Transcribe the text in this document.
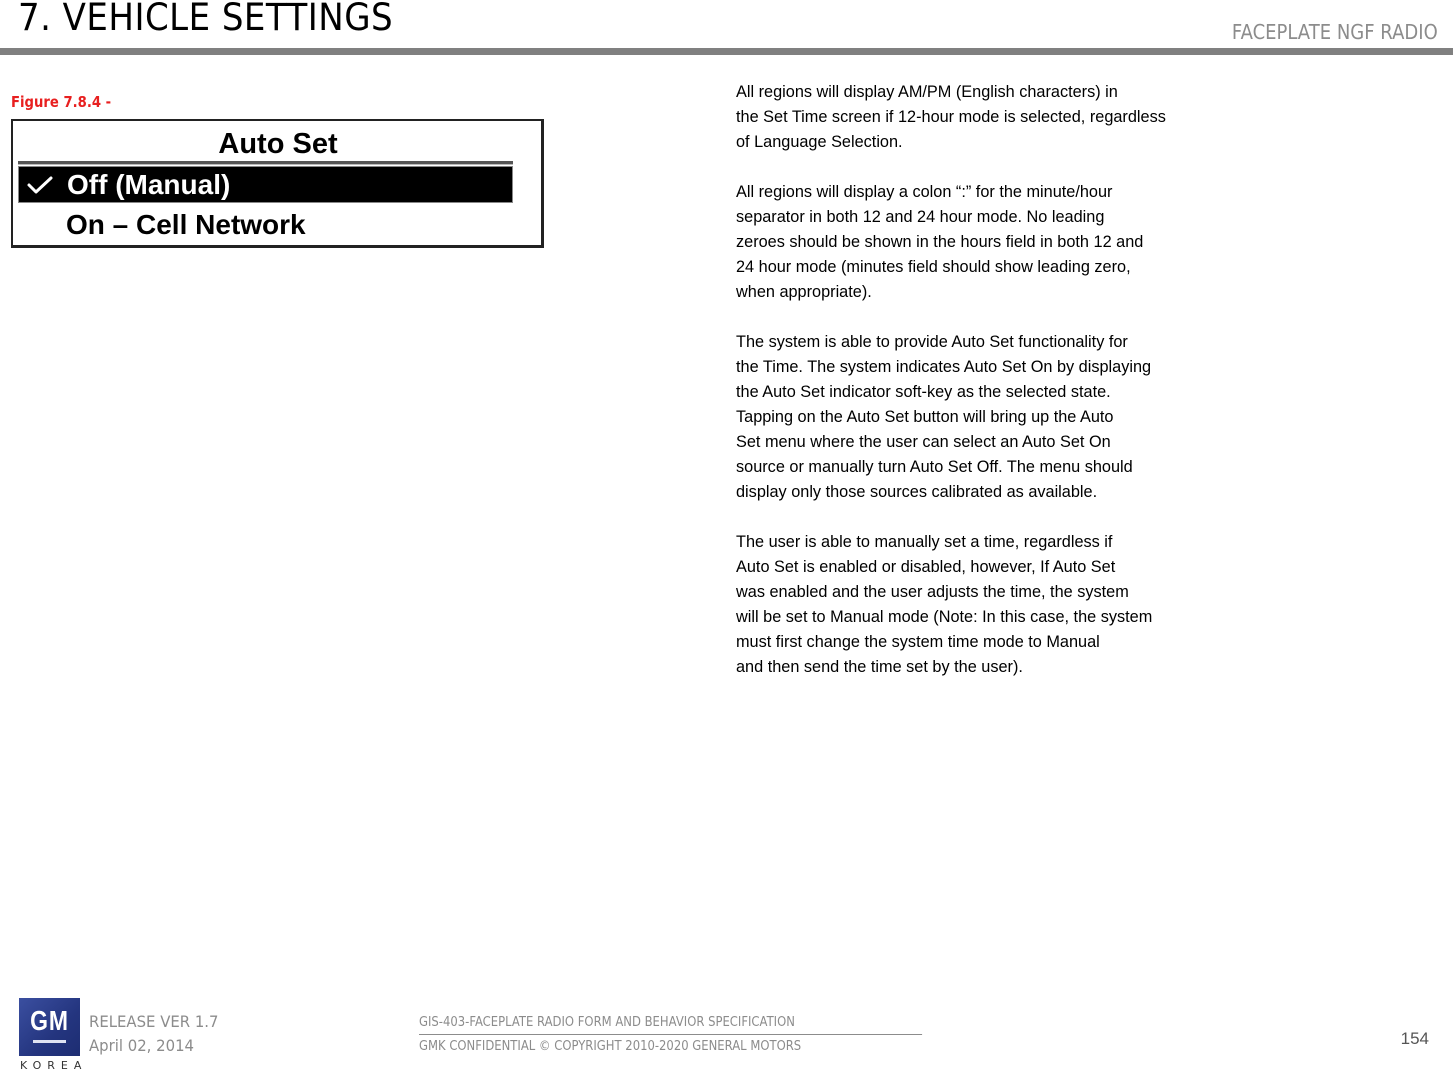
7. VEHICLE SETTINGS	FACEPLATE NGF RADIO
Figure 7.8.4 -
Auto Set
Off (Manual)
On – Cell Network

All regions will display AM/PM (English characters) in
the Set Time screen if 12-hour mode is selected, regardless
of Language Selection.

All regions will display a colon “:” for the minute/hour
separator in both 12 and 24 hour mode. No leading
zeroes should be shown in the hours field in both 12 and
24 hour mode (minutes field should show leading zero,
when appropriate).

The system is able to provide Auto Set functionality for
the Time. The system indicates Auto Set On by displaying
the Auto Set indicator soft-key as the selected state.
Tapping on the Auto Set button will bring up the Auto
Set menu where the user can select an Auto Set On
source or manually turn Auto Set Off. The menu should
display only those sources calibrated as available.

The user is able to manually set a time, regardless if
Auto Set is enabled or disabled, however, If Auto Set
was enabled and the user adjusts the time, the system
will be set to Manual mode (Note: In this case, the system
must first change the system time mode to Manual
and then send the time set by the user).

GM
KOREA
RELEASE VER 1.7
April 02, 2014
GIS-403-FACEPLATE RADIO FORM AND BEHAVIOR SPECIFICATION
GMK CONFIDENTIAL © COPYRIGHT 2010-2020 GENERAL MOTORS	154
